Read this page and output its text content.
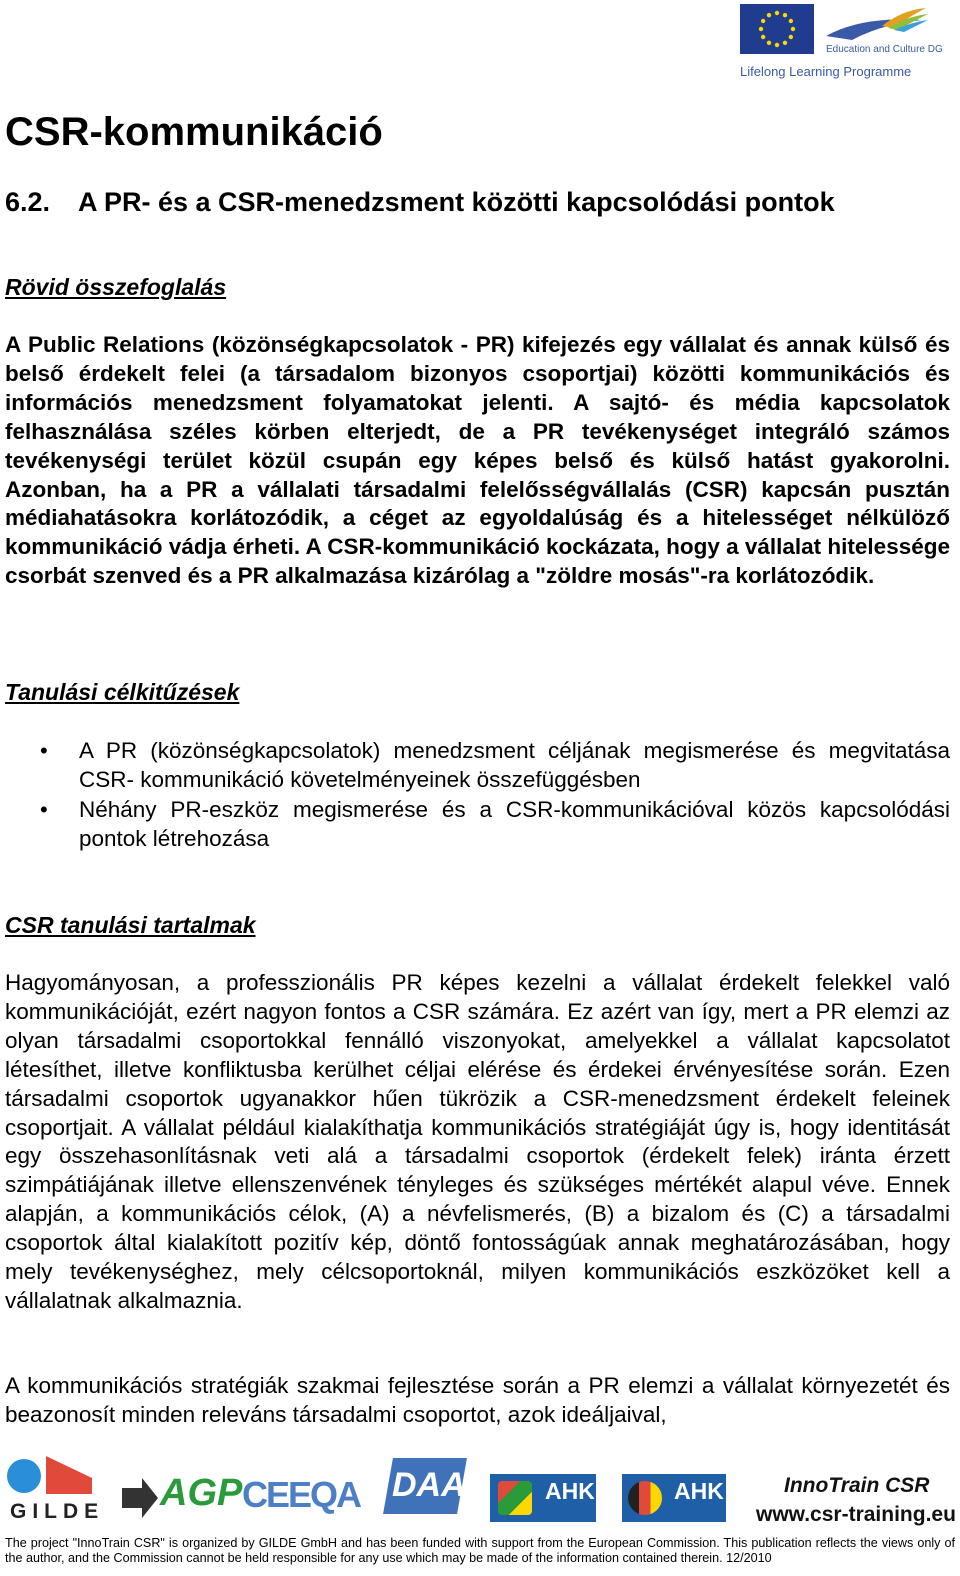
Education and Culture DG
Lifelong Learning Programme
CSR-kommunikáció
6.2. A PR- és a CSR-menedzsment közötti kapcsolódási pontok
Rövid összefoglalás

A Public Relations (közönségkapcsolatok - PR) kifejezés egy vállalat és annak külső és belső érdekelt felei (a társadalom bizonyos csoportjai) közötti kommunikációs és információs menedzsment folyamatokat jelenti. A sajtó- és média kapcsolatok felhasználása széles körben elterjedt, de a PR tevékenységet integráló számos tevékenységi terület közül csupán egy képes belső és külső hatást gyakorolni. Azonban, ha a PR a vállalati társadalmi felelősségvállalás (CSR) kapcsán pusztán médiahatásokra korlátozódik, a céget az egyoldalúság és a hitelességet nélkülöző kommunikáció vádja érheti. A CSR-kommunikáció kockázata, hogy a vállalat hitelessége csorbát szenved és a PR alkalmazása kizárólag a "zöldre mosás"-ra korlátozódik.

Tanulási célkitűzések
• A PR (közönségkapcsolatok) menedzsment céljának megismerése és megvitatása CSR- kommunikáció követelményeinek összefüggésben
• Néhány PR-eszköz megismerése és a CSR-kommunikációval közös kapcsolódási pontok létrehozása
CSR tanulási tartalmak

Hagyományosan, a professzionális PR képes kezelni a vállalat érdekelt felekkel való kommunikációját, ezért nagyon fontos a CSR számára. Ez azért van így, mert a PR elemzi az olyan társadalmi csoportokkal fennálló viszonyokat, amelyekkel a vállalat kapcsolatot létesíthet, illetve konfliktusba kerülhet céljai elérése és érdekei érvényesítése során. Ezen társadalmi csoportok ugyanakkor hűen tükrözik a CSR-menedzsment érdekelt feleinek csoportjait. A vállalat például kialakíthatja kommunikációs stratégiáját úgy is, hogy identitását egy összehasonlításnak veti alá a társadalmi csoportok (érdekelt felek) iránta érzett szimpátiájának illetve ellenszenvének tényleges és szükséges mértékét alapul véve. Ennek alapján, a kommunikációs célok, (A) a névfelismerés, (B) a bizalom és (C) a társadalmi csoportok által kialakított pozitív kép, döntő fontosságúak annak meghatározásában, hogy mely tevékenységhez, mely célcsoportoknál, milyen kommunikációs eszközöket kell a vállalatnak alkalmaznia.

A kommunikációs stratégiák szakmai fejlesztése során a PR elemzi a vállalat környezetét és beazonosít minden releváns társadalmi csoportot, azok ideáljaival,

GILDE AGP CEEQA DAA	AHK	AHK	InnoTrain CSR
www.csr-training.eu

The project "InnoTrain CSR" is organized by GILDE GmbH and has been funded with support from the European Commission. This publication reflects the views only of the author, and the Commission cannot be held responsible for any use which may be made of the information contained therein. 12/2010
